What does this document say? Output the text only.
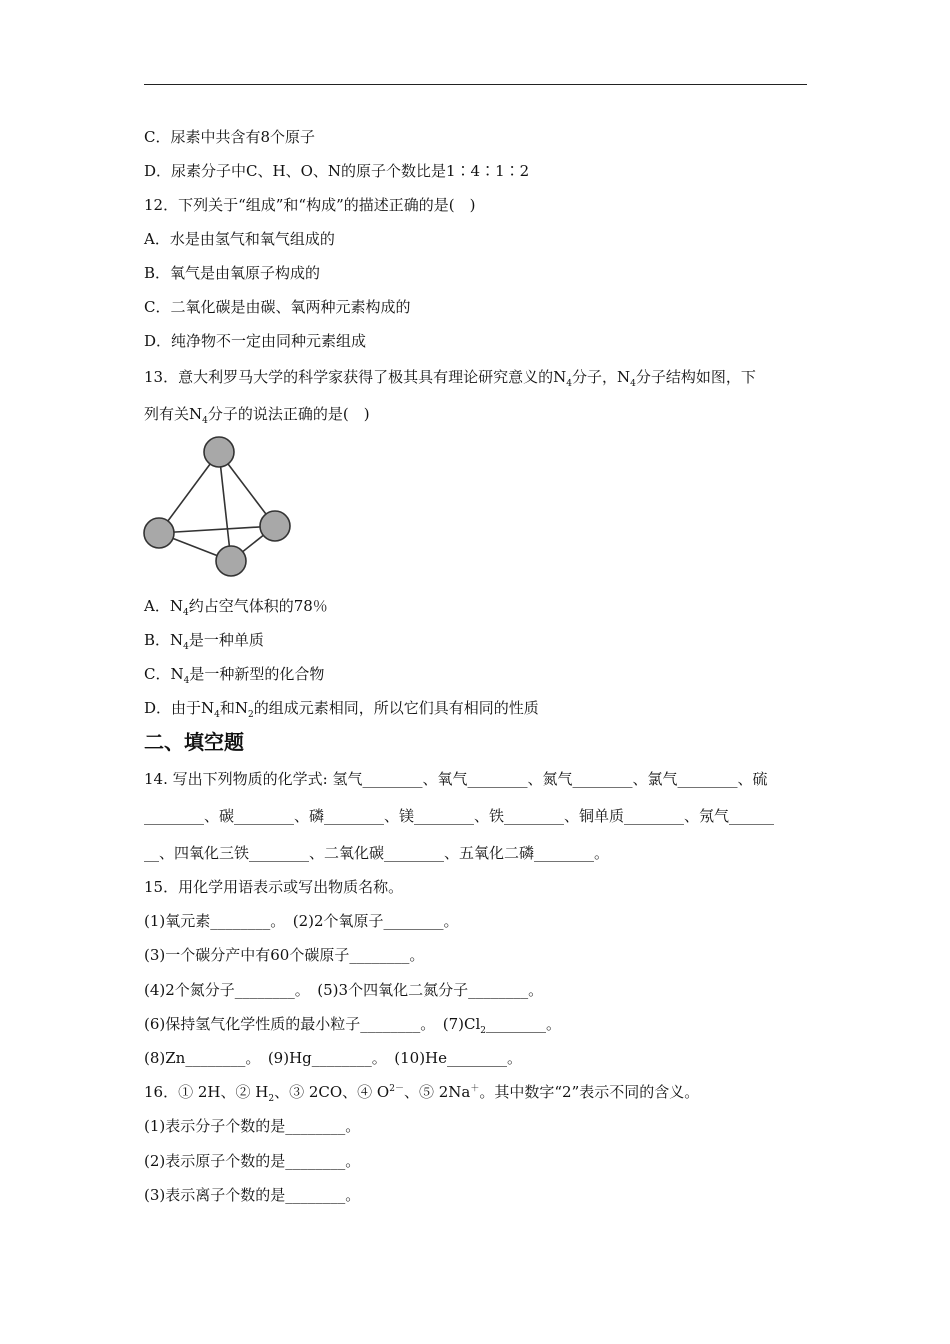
C．尿素中共含有8个原子
D．尿素分子中C、H、O、N的原子个数比是1∶4∶1∶2
12．下列关于“组成”和“构成”的描述正确的是(　)
A．水是由氢气和氧气组成的
B．氧气是由氧原子构成的
C．二氧化碳是由碳、氧两种元素构成的
D．纯净物不一定由同种元素组成
13．意大利罗马大学的科学家获得了极其具有理论研究意义的$N_4$分子，$N_4$分子结构如图，下
列有关$N_4$分子的说法正确的是(　)
A．$N_4$约占空气体积的78％
B．$N_4$是一种单质
C．$N_4$是一种新型的化合物
D．由于$N_4$和$N_2$的组成元素相同，所以它们具有相同的性质
二、填空题
14. 写出下列物质的化学式: 氢气________、氧气________、氮气________、氯气________、硫
________、碳________、磷________、镁________、铁________、铜单质________、氖气______
__、四氧化三铁________、二氧化碳________、五氧化二磷________。
15．用化学用语表示或写出物质名称。
(1)氧元素________。　(2)2个氧原子________。
(3)一个碳分产中有60个碳原子________。
(4)2个氮分子________。　(5)3个四氧化二氮分子________。
(6)保持氢气化学性质的最小粒子________。　$(7)Cl_2\_\_\_\_\_\_\_\_$。
(8)Zn________。　(9)Hg________。　(10)He________。
16．① 2H、② $H_2$、③ 2CO、④ $O^{2-}$、⑤ 2Na＋。其中数字“2”表示不同的含义。
(1)表示分子个数的是________。
(2)表示原子个数的是________。
(3)表示离子个数的是________。
